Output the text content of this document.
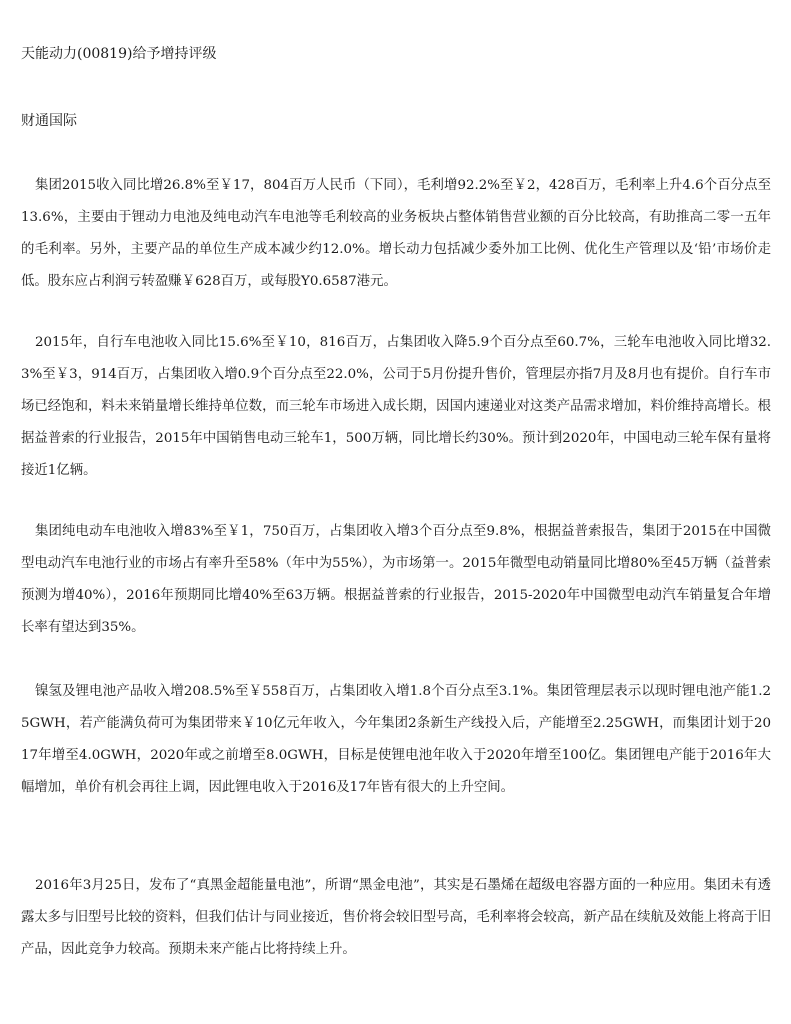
天能动力(00819)给予增持评级

财通国际

集团2015收入同比增26.8%至￥17，804百万人民币（下同），毛利增92.2%至￥2，428百万，毛利率上升4.6个百分点至13.6%，主要由于锂动力电池及纯电动汽车电池等毛利较高的业务板块占整体销售营业额的百分比较高，有助推高二零一五年的毛利率。另外，主要产品的单位生产成本减少约12.0%。增长动力包括减少委外加工比例、优化生产管理以及‘铅’市场价走低。股东应占利润亏转盈赚￥628百万，或每股Y0.6587港元。

2015年，自行车电池收入同比15.6%至￥10，816百万，占集团收入降5.9个百分点至60.7%，三轮车电池收入同比增32.3%至￥3，914百万，占集团收入增0.9个百分点至22.0%，公司于5月份提升售价，管理层亦指7月及8月也有提价。自行车市场已经饱和，料未来销量增长维持单位数，而三轮车市场进入成长期，因国内速递业对这类产品需求增加，料价维持高增长。根据益普索的行业报告，2015年中国销售电动三轮车1，500万辆，同比增长约30%。预计到2020年，中国电动三轮车保有量将接近1亿辆。

集团纯电动车电池收入增83%至￥1，750百万，占集团收入增3个百分点至9.8%，根据益普索报告，集团于2015在中国微型电动汽车电池行业的市场占有率升至58%（年中为55%），为市场第一。2015年微型电动销量同比增80%至45万辆（益普索预测为增40%），2016年预期同比增40%至63万辆。根据益普索的行业报告，2015-2020年中国微型电动汽车销量复合年增长率有望达到35%。

镍氢及锂电池产品收入增208.5%至￥558百万，占集团收入增1.8个百分点至3.1%。集团管理层表示以现时锂电池产能1.25GWH，若产能满负荷可为集团带来￥10亿元年收入，今年集团2条新生产线投入后，产能增至2.25GWH，而集团计划于2017年增至4.0GWH，2020年或之前增至8.0GWH，目标是使锂电池年收入于2020年增至100亿。集团锂电产能于2016年大幅增加，单价有机会再往上调，因此锂电收入于2016及17年皆有很大的上升空间。

2016年3月25日，发布了“真黑金超能量电池”，所谓“黑金电池”，其实是石墨烯在超级电容器方面的一种应用。集团未有透露太多与旧型号比较的资料，但我们估计与同业接近，售价将会较旧型号高，毛利率将会较高，新产品在续航及效能上将高于旧产品，因此竞争力较高。预期未来产能占比将持续上升。
